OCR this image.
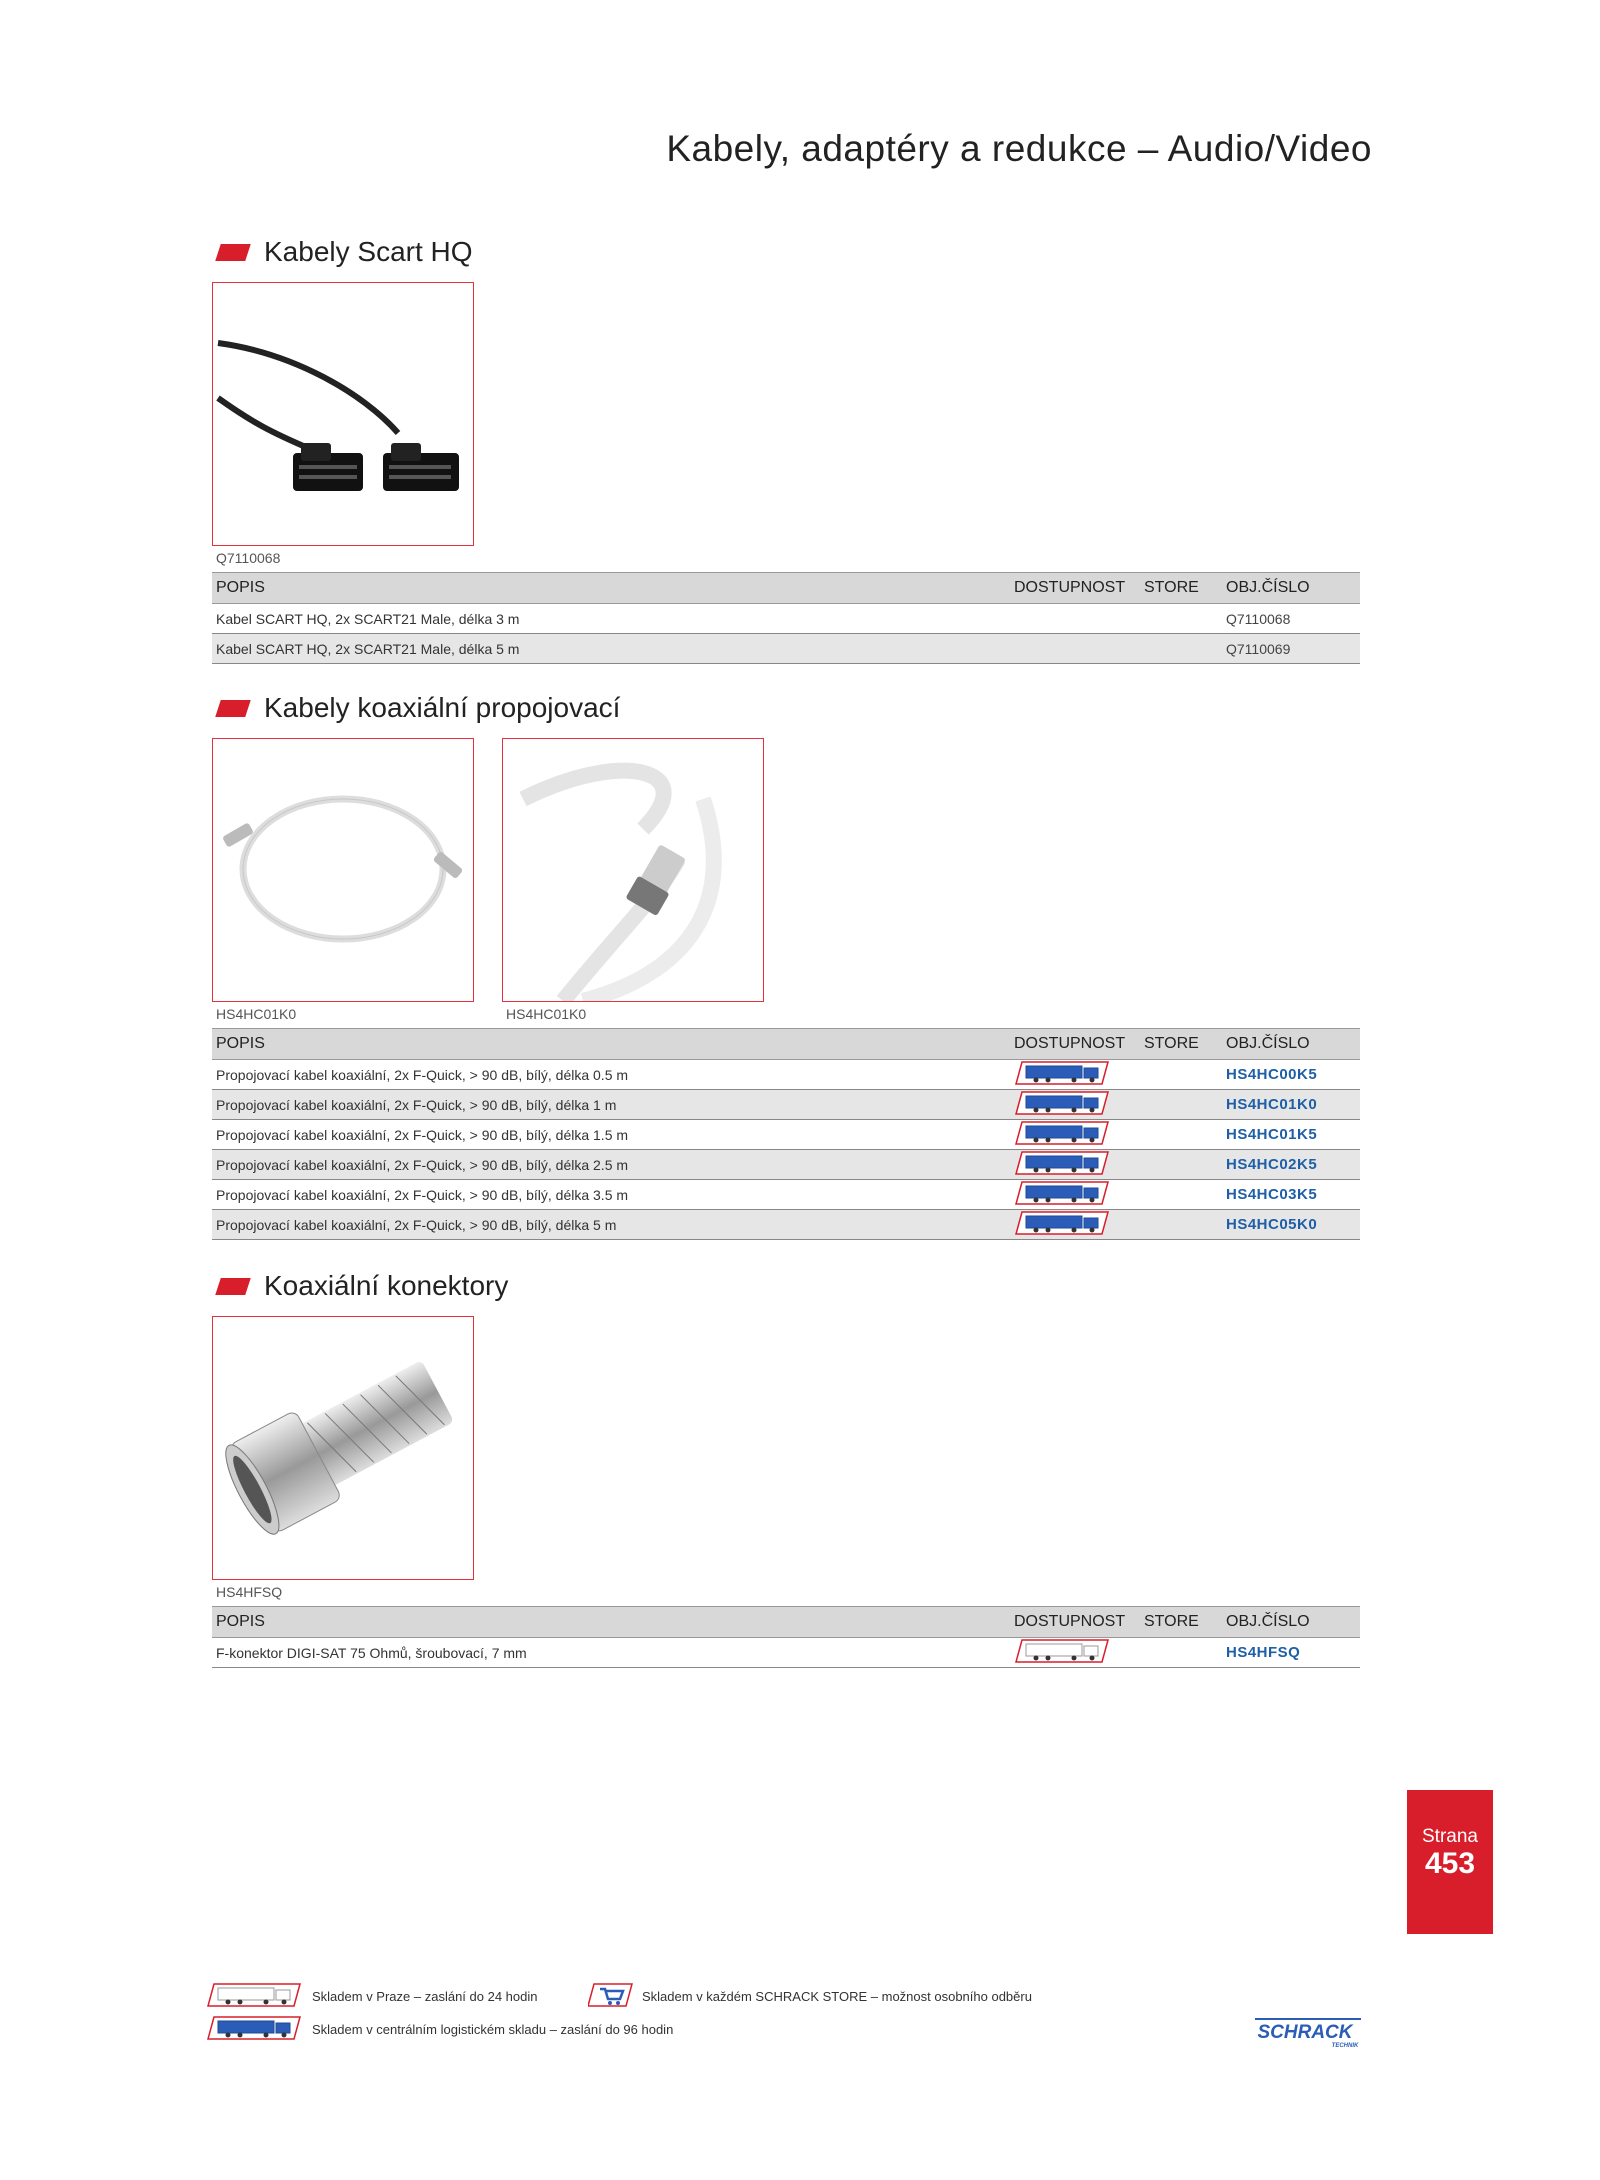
Kabely, adaptéry a redukce – Audio/Video
Kabely Scart HQ
Q7110068
POPIS	DOSTUPNOST	STORE	OBJ.ČÍSLO
Kabel SCART HQ, 2x SCART21 Male, délka 3 m			Q7110068
Kabel SCART HQ, 2x SCART21 Male, délka 5 m			Q7110069
Kabely koaxiální propojovací
HS4HC01K0	HS4HC01K0
POPIS	DOSTUPNOST	STORE	OBJ.ČÍSLO
Propojovací kabel koaxiální, 2x F-Quick, > 90 dB, bílý, délka 0.5 m			HS4HC00K5
Propojovací kabel koaxiální, 2x F-Quick, > 90 dB, bílý, délka 1 m			HS4HC01K0
Propojovací kabel koaxiální, 2x F-Quick, > 90 dB, bílý, délka 1.5 m			HS4HC01K5
Propojovací kabel koaxiální, 2x F-Quick, > 90 dB, bílý, délka 2.5 m			HS4HC02K5
Propojovací kabel koaxiální, 2x F-Quick, > 90 dB, bílý, délka 3.5 m			HS4HC03K5
Propojovací kabel koaxiální, 2x F-Quick, > 90 dB, bílý, délka 5 m			HS4HC05K0
Koaxiální konektory
HS4HFSQ
POPIS	DOSTUPNOST	STORE	OBJ.ČÍSLO
F-konektor DIGI-SAT 75 Ohmů, šroubovací, 7 mm			HS4HFSQ
Strana
453
Skladem v Praze – zaslání do 24 hodin	Skladem v každém SCHRACK STORE – možnost osobního odběru
Skladem v centrálním logistickém skladu – zaslání do 96 hodin	SCHRACK
TECHNIK
